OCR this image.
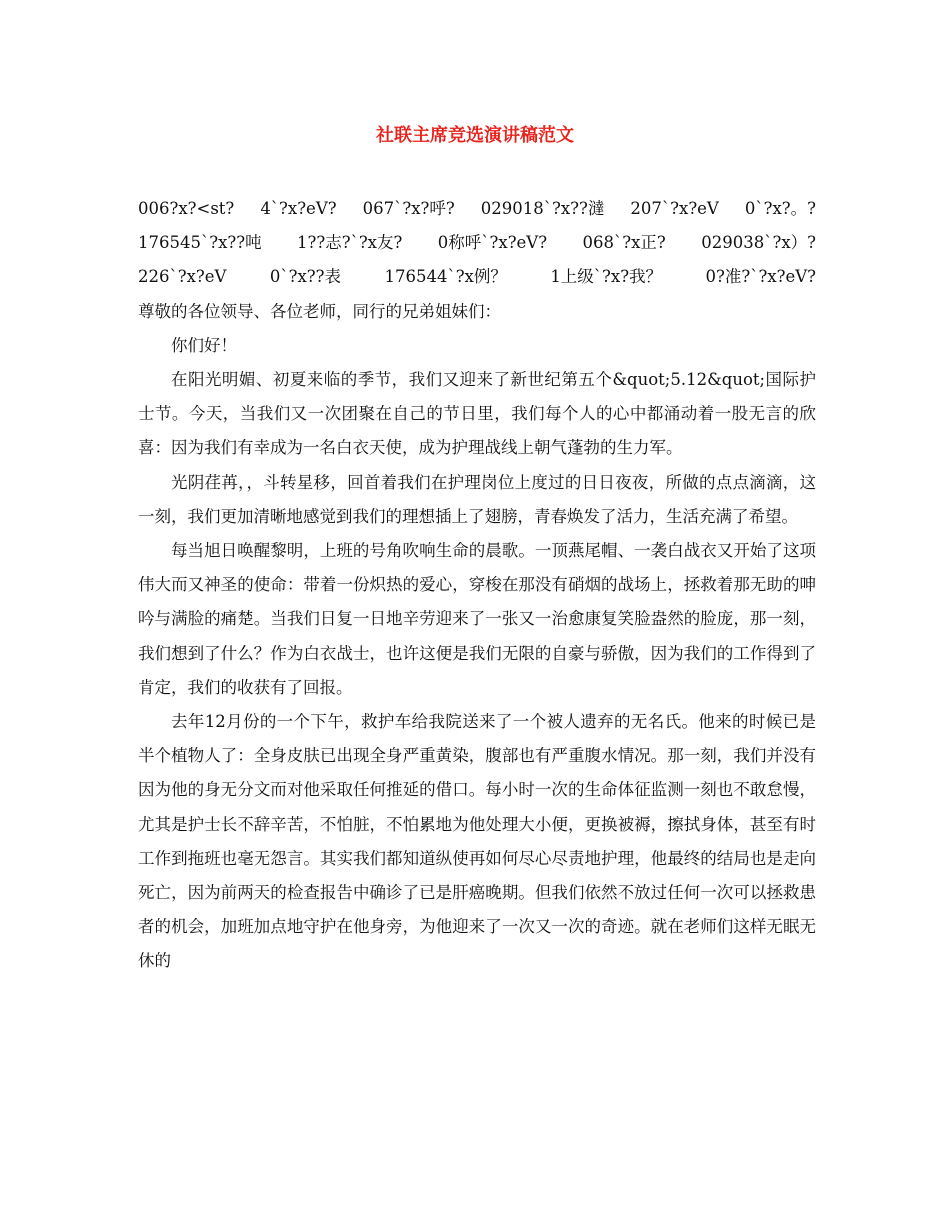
社联主席竞选演讲稿范文
006?x?<st? 4`?x?eV? 067`?x?呼? 029018`?x??澾 207`?x?eV 0`?x?。?
176545`?x??吨 1??志?`?x友? 0称呼`?x?eV? 068`?x正? 029038`?x）?
226`?x?eV	0`?x??表	176544`?x例？	1上级`?x?我？	0?准?`?x?eV?

尊敬的各位领导、各位老师，同行的兄弟姐妹们：

你们好！

在阳光明媚、初夏来临的季节，我们又迎来了新世纪第五个&quot;5.12&quot;国际护士节。今天，当我们又一次团聚在自己的节日里，我们每个人的心中都涌动着一股无言的欣喜：因为我们有幸成为一名白衣天使，成为护理战线上朝气蓬勃的生力军。

光阴荏苒，，斗转星移，回首着我们在护理岗位上度过的日日夜夜，所做的点点滴滴，这一刻，我们更加清晰地感觉到我们的理想插上了翅膀，青春焕发了活力，生活充满了希望。

每当旭日唤醒黎明，上班的号角吹响生命的晨歌。一顶燕尾帽、一袭白战衣又开始了这项伟大而又神圣的使命：带着一份炽热的爱心，穿梭在那没有硝烟的战场上，拯救着那无助的呻吟与满脸的痛楚。当我们日复一日地辛劳迎来了一张又一治愈康复笑脸盎然的脸庞，那一刻，我们想到了什么？作为白衣战士，也许这便是我们无限的自豪与骄傲，因为我们的工作得到了肯定，我们的收获有了回报。

去年12月份的一个下午，救护车给我院送来了一个被人遗弃的无名氏。他来的时候已是半个植物人了：全身皮肤已出现全身严重黄染，腹部也有严重腹水情况。那一刻，我们并没有因为他的身无分文而对他采取任何推延的借口。每小时一次的生命体征监测一刻也不敢怠慢，尤其是护士长不辞辛苦，不怕脏，不怕累地为他处理大小便，更换被褥，擦拭身体，甚至有时工作到拖班也毫无怨言。其实我们都知道纵使再如何尽心尽责地护理，他最终的结局也是走向死亡，因为前两天的检查报告中确诊了已是肝癌晚期。但我们依然不放过任何一次可以拯救患者的机会，加班加点地守护在他身旁，为他迎来了一次又一次的奇迹。就在老师们这样无眠无休的
